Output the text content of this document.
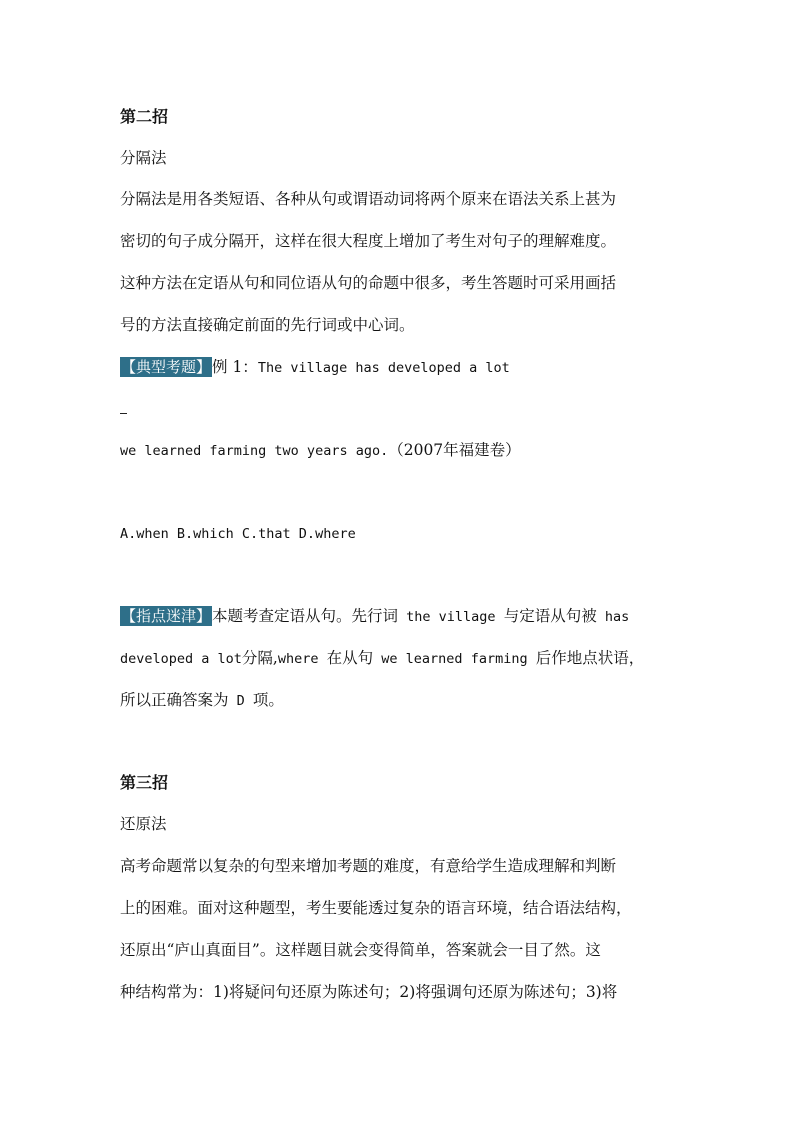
第二招
分隔法
分隔法是用各类短语、各种从句或谓语动词将两个原来在语法关系上甚为
密切的句子成分隔开，这样在很大程度上增加了考生对句子的理解难度。
这种方法在定语从句和同位语从句的命题中很多，考生答题时可采用画括
号的方法直接确定前面的先行词或中心词。
【典型考题】例 1：The village has developed a lot
we learned farming two years ago.（2007年福建卷）
A.when B.which C.that D.where
【指点迷津】本题考查定语从句。先行词 the village 与定语从句被 has
developed a lot分隔,where 在从句 we learned farming 后作地点状语，
所以正确答案为 D 项。
第三招
还原法
高考命题常以复杂的句型来增加考题的难度，有意给学生造成理解和判断
上的困难。面对这种题型，考生要能透过复杂的语言环境，结合语法结构，
还原出“庐山真面目”。这样题目就会变得简单，答案就会一目了然。这
种结构常为：1)将疑问句还原为陈述句；2)将强调句还原为陈述句；3)将
